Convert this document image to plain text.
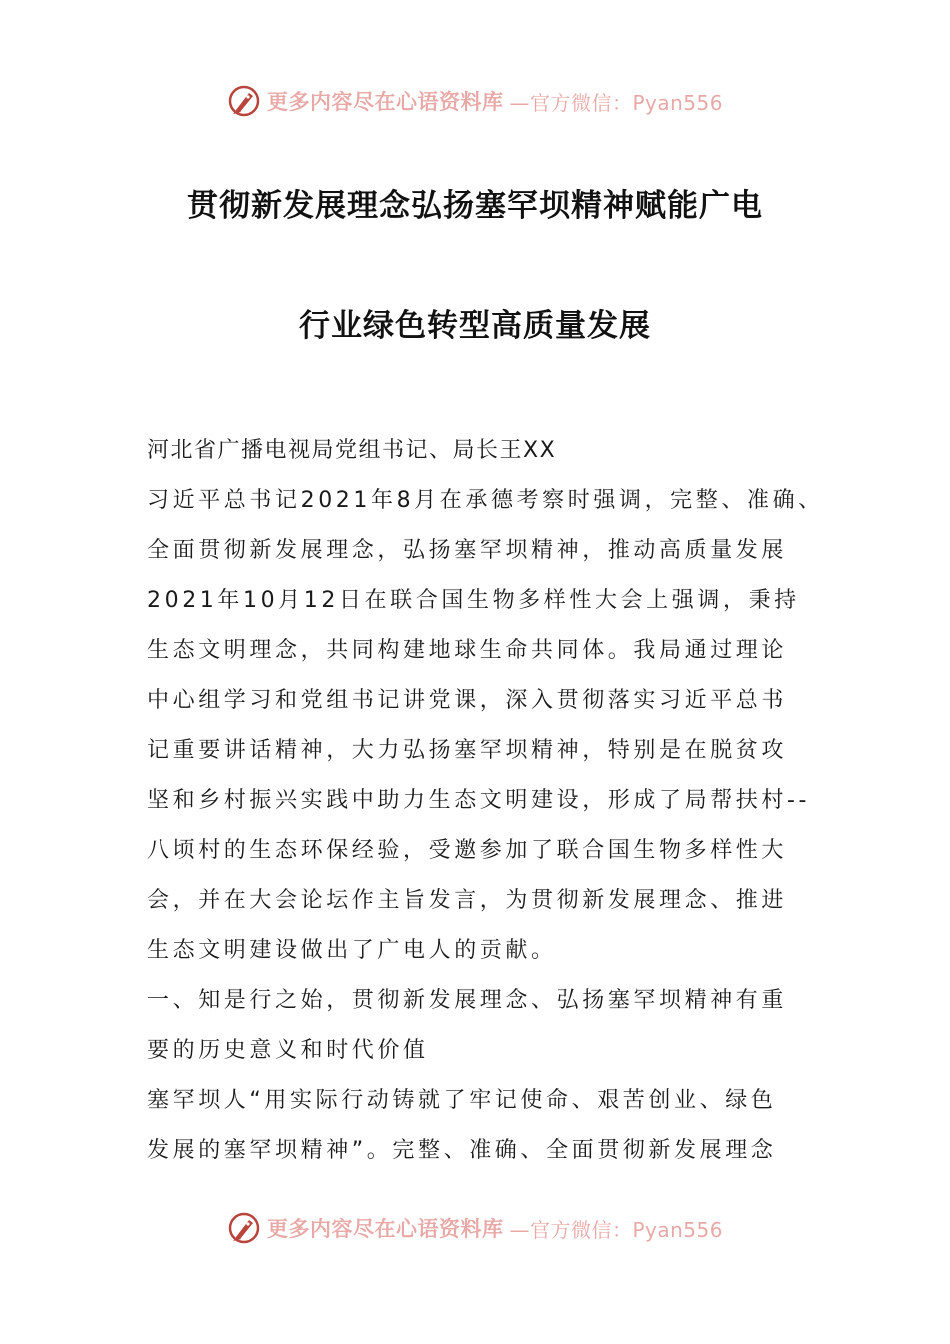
更多内容尽在心语资料库 —官方微信：Pyan556
贯彻新发展理念弘扬塞罕坝精神赋能广电
行业绿色转型高质量发展
河北省广播电视局党组书记、局长王XX
习近平总书记2021年8月在承德考察时强调，完整、准确、
全面贯彻新发展理念，弘扬塞罕坝精神，推动高质量发展
2021年10月12日在联合国生物多样性大会上强调，秉持
生态文明理念，共同构建地球生命共同体。我局通过理论
中心组学习和党组书记讲党课，深入贯彻落实习近平总书
记重要讲话精神，大力弘扬塞罕坝精神，特别是在脱贫攻
坚和乡村振兴实践中助力生态文明建设，形成了局帮扶村--
八顷村的生态环保经验，受邀参加了联合国生物多样性大
会，并在大会论坛作主旨发言，为贯彻新发展理念、推进
生态文明建设做出了广电人的贡献。
一、知是行之始，贯彻新发展理念、弘扬塞罕坝精神有重
要的历史意义和时代价值
塞罕坝人“用实际行动铸就了牢记使命、艰苦创业、绿色
发展的塞罕坝精神”。完整、准确、全面贯彻新发展理念
更多内容尽在心语资料库 —官方微信：Pyan556
